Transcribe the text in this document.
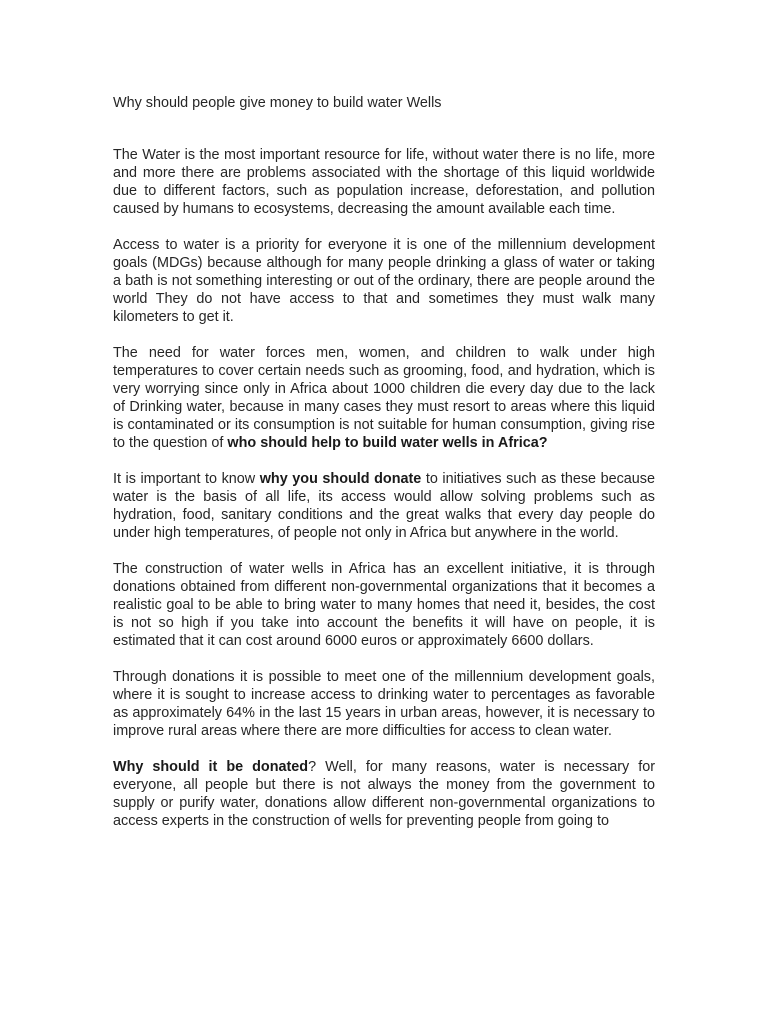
Why should people give money to build water Wells

The Water is the most important resource for life, without water there is no life, more and more there are problems associated with the shortage of this liquid worldwide due to different factors, such as population increase, deforestation, and pollution caused by humans to ecosystems, decreasing the amount available each time.

Access to water is a priority for everyone it is one of the millennium development goals (MDGs) because although for many people drinking a glass of water or taking a bath is not something interesting or out of the ordinary, there are people around the world They do not have access to that and sometimes they must walk many kilometers to get it.

The need for water forces men, women, and children to walk under high temperatures to cover certain needs such as grooming, food, and hydration, which is very worrying since only in Africa about 1000 children die every day due to the lack of Drinking water, because in many cases they must resort to areas where this liquid is contaminated or its consumption is not suitable for human consumption, giving rise to the question of who should help to build water wells in Africa?

It is important to know why you should donate to initiatives such as these because water is the basis of all life, its access would allow solving problems such as hydration, food, sanitary conditions and the great walks that every day people do under high temperatures, of people not only in Africa but anywhere in the world.

The construction of water wells in Africa has an excellent initiative, it is through donations obtained from different non-governmental organizations that it becomes a realistic goal to be able to bring water to many homes that need it, besides, the cost is not so high if you take into account the benefits it will have on people, it is estimated that it can cost around 6000 euros or approximately 6600 dollars.

Through donations it is possible to meet one of the millennium development goals, where it is sought to increase access to drinking water to percentages as favorable as approximately 64% in the last 15 years in urban areas, however, it is necessary to improve rural areas where there are more difficulties for access to clean water.

Why should it be donated? Well, for many reasons, water is necessary for everyone, all people but there is not always the money from the government to supply or purify water, donations allow different non-governmental organizations to access experts in the construction of wells for preventing people from going to
